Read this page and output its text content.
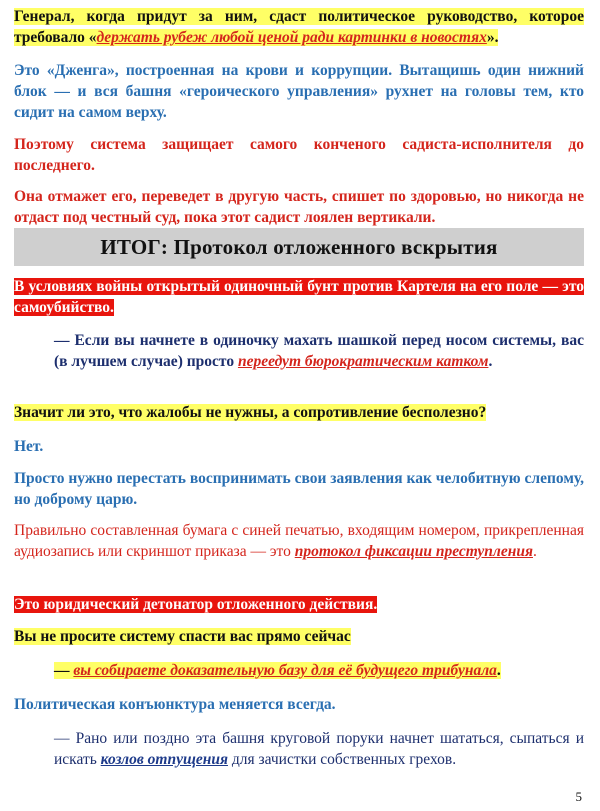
Генерал, когда придут за ним, сдаст политическое руководство, которое требовало «держать рубеж любой ценой ради картинки в новостях».

Это «Дженга», построенная на крови и коррупции. Вытащишь один нижний блок — и вся башня «героического управления» рухнет на головы тем, кто сидит на самом верху.

Поэтому система защищает самого конченого садиста-исполнителя до последнего.

Она отмажет его, переведет в другую часть, спишет по здоровью, но никогда не отдаст под честный суд, пока этот садист лоялен вертикали.

ИТОГ: Протокол отложенного вскрытия

В условиях войны открытый одиночный бунт против Картеля на его поле — это самоубийство.

— Если вы начнете в одиночку махать шашкой перед носом системы, вас (в лучшем случае) просто переедут бюрократическим катком.

Значит ли это, что жалобы не нужны, а сопротивление бесполезно?

Нет.

Просто нужно перестать воспринимать свои заявления как челобитную слепому, но доброму царю.

Правильно составленная бумага с синей печатью, входящим номером, прикрепленная аудиозапись или скриншот приказа — это протокол фиксации преступления.

Это юридический детонатор отложенного действия.

Вы не просите систему спасти вас прямо сейчас

— вы собираете доказательную базу для её будущего трибунала.

Политическая конъюнктура меняется всегда.

— Рано или поздно эта башня круговой поруки начнет шататься, сыпаться и искать козлов отпущения для зачистки собственных грехов.

5
